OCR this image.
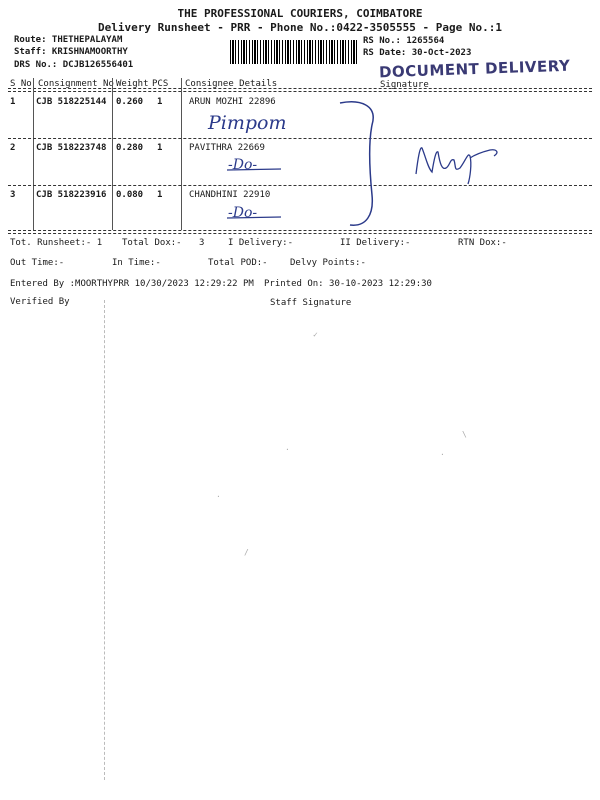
THE PROFESSIONAL COURIERS, COIMBATORE
Delivery Runsheet - PRR - Phone No.:0422-3505555 - Page No.:1
Route: THETHEPALAYAM
Staff: KRISHNAMOORTHY
DRS No.: DCJB126556401
RS No.: 1265564
RS Date: 30-Oct-2023
DOCUMENT DELIVERY
S No Consignment No Weight PCS Consignee Details	Signature
1 CJB 518225144 0.260 1	ARUN MOZHI 22896
Pimpom
2 CJB 518223748 0.280 1	PAVITHRA 22669
-Do-
3 CJB 518223916 0.080 1	CHANDHINI 22910
-Do-
Tot. Runsheet:- 1 Total Dox:- 3	I Delivery:-	II Delivery:-	RTN Dox:-
Out Time:-	In Time:-	Total POD:- Delvy Points:-
Entered By :MOORTHYPRR 10/30/2023 12:29:22 PM Printed On: 30-10-2023 12:29:30
Verified By	Staff Signature
✓
·
·
\
·
/
